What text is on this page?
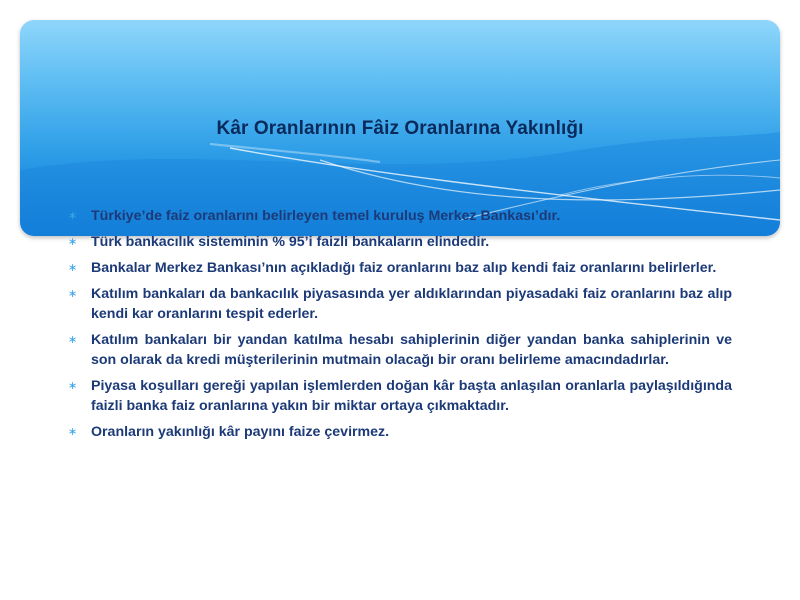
Kâr Oranlarının Fâiz Oranlarına Yakınlığı
∗ Türkiye’de faiz oranlarını belirleyen temel kuruluş Merkez Bankası’dır.
∗ Türk bankacılık sisteminin % 95’i faizli bankaların elindedir.
∗ Bankalar Merkez Bankası’nın açıkladığı faiz oranlarını baz alıp kendi faiz oranlarını belirlerler.
∗ Katılım bankaları da bankacılık piyasasında yer aldıklarından piyasadaki faiz oranlarını baz alıp kendi kar oranlarını tespit ederler.
∗ Katılım bankaları bir yandan katılma hesabı sahiplerinin diğer yandan banka sahiplerinin ve son olarak da kredi müşterilerinin mutmain olacağı bir oranı belirleme amacındadırlar.
∗ Piyasa koşulları gereği yapılan işlemlerden doğan kâr başta anlaşılan oranlarla paylaşıldığında faizli banka faiz oranlarına yakın bir miktar ortaya çıkmaktadır.
∗ Oranların yakınlığı kâr payını faize çevirmez.
